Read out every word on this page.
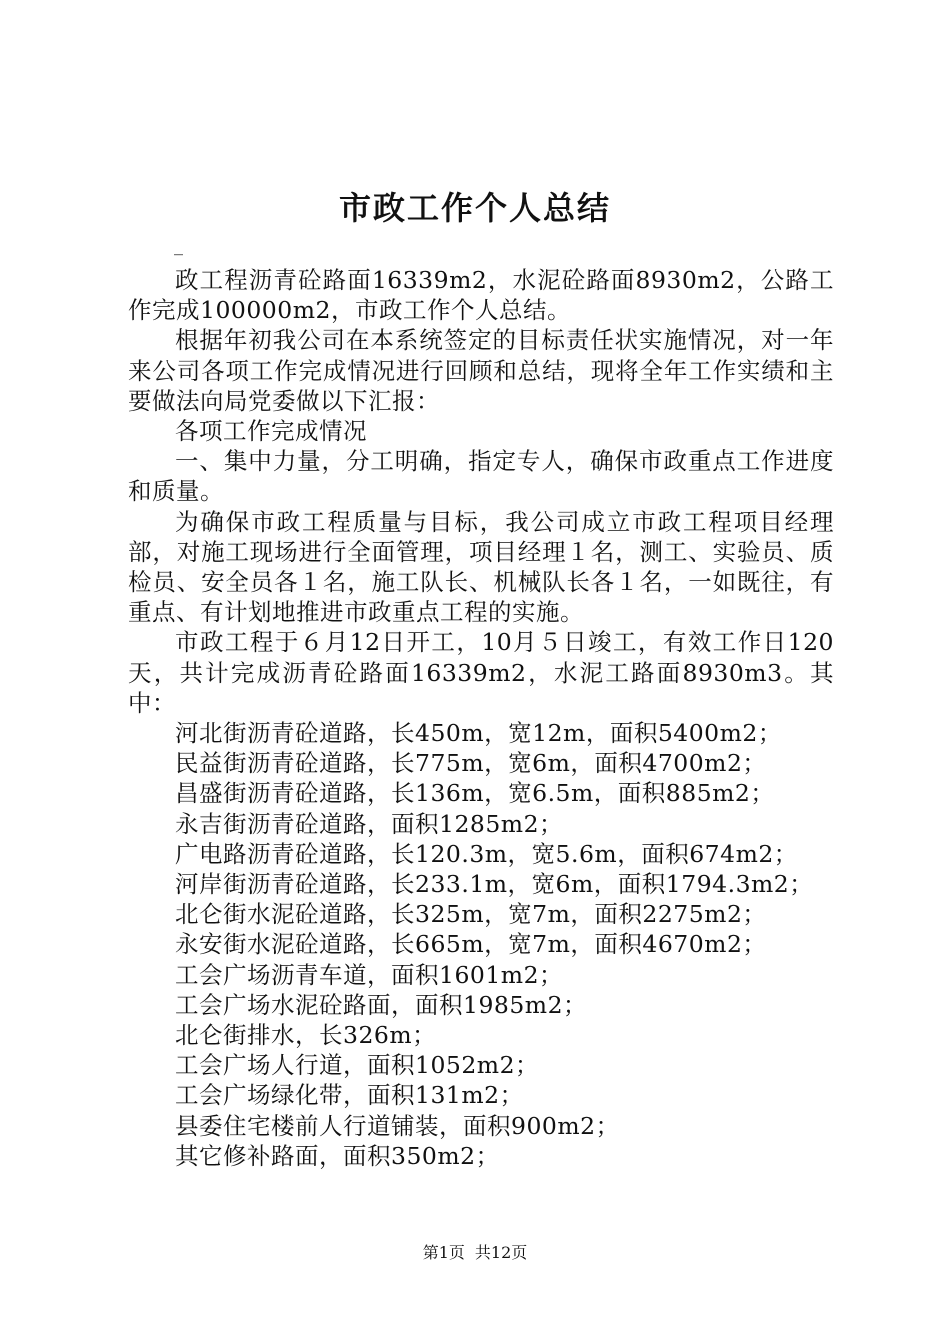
市政工作个人总结
_

政工程沥青砼路面16339m2，水泥砼路面8930m2，公路工作完成100000m2，市政工作个人总结。

根据年初我公司在本系统签定的目标责任状实施情况，对一年来公司各项工作完成情况进行回顾和总结，现将全年工作实绩和主要做法向局党委做以下汇报：

各项工作完成情况

一、集中力量，分工明确，指定专人，确保市政重点工作进度和质量。

为确保市政工程质量与目标，我公司成立市政工程项目经理部，对施工现场进行全面管理，项目经理１名，测工、实验员、质检员、安全员各１名，施工队长、机械队长各１名，一如既往，有重点、有计划地推进市政重点工程的实施。

市政工程于６月12日开工，10月５日竣工，有效工作日120天，共计完成沥青砼路面16339m2，水泥工路面8930m3。其中：

河北街沥青砼道路，长450m，宽12m，面积5400m2；

民益街沥青砼道路，长775m，宽6m，面积4700m2；

昌盛街沥青砼道路，长136m，宽6.5m，面积885m2；

永吉街沥青砼道路，面积1285m2；

广电路沥青砼道路，长120.3m，宽5.6m，面积674m2；

河岸街沥青砼道路，长233.1m，宽6m，面积1794.3m2；

北仑街水泥砼道路，长325m，宽7m，面积2275m2；

永安街水泥砼道路，长665m，宽7m，面积4670m2；

工会广场沥青车道，面积1601m2；

工会广场水泥砼路面，面积1985m2；

北仑街排水，长326m；

工会广场人行道，面积1052m2；

工会广场绿化带，面积131m2；

县委住宅楼前人行道铺装，面积900m2；

其它修补路面，面积350m2；

第1页 共12页
